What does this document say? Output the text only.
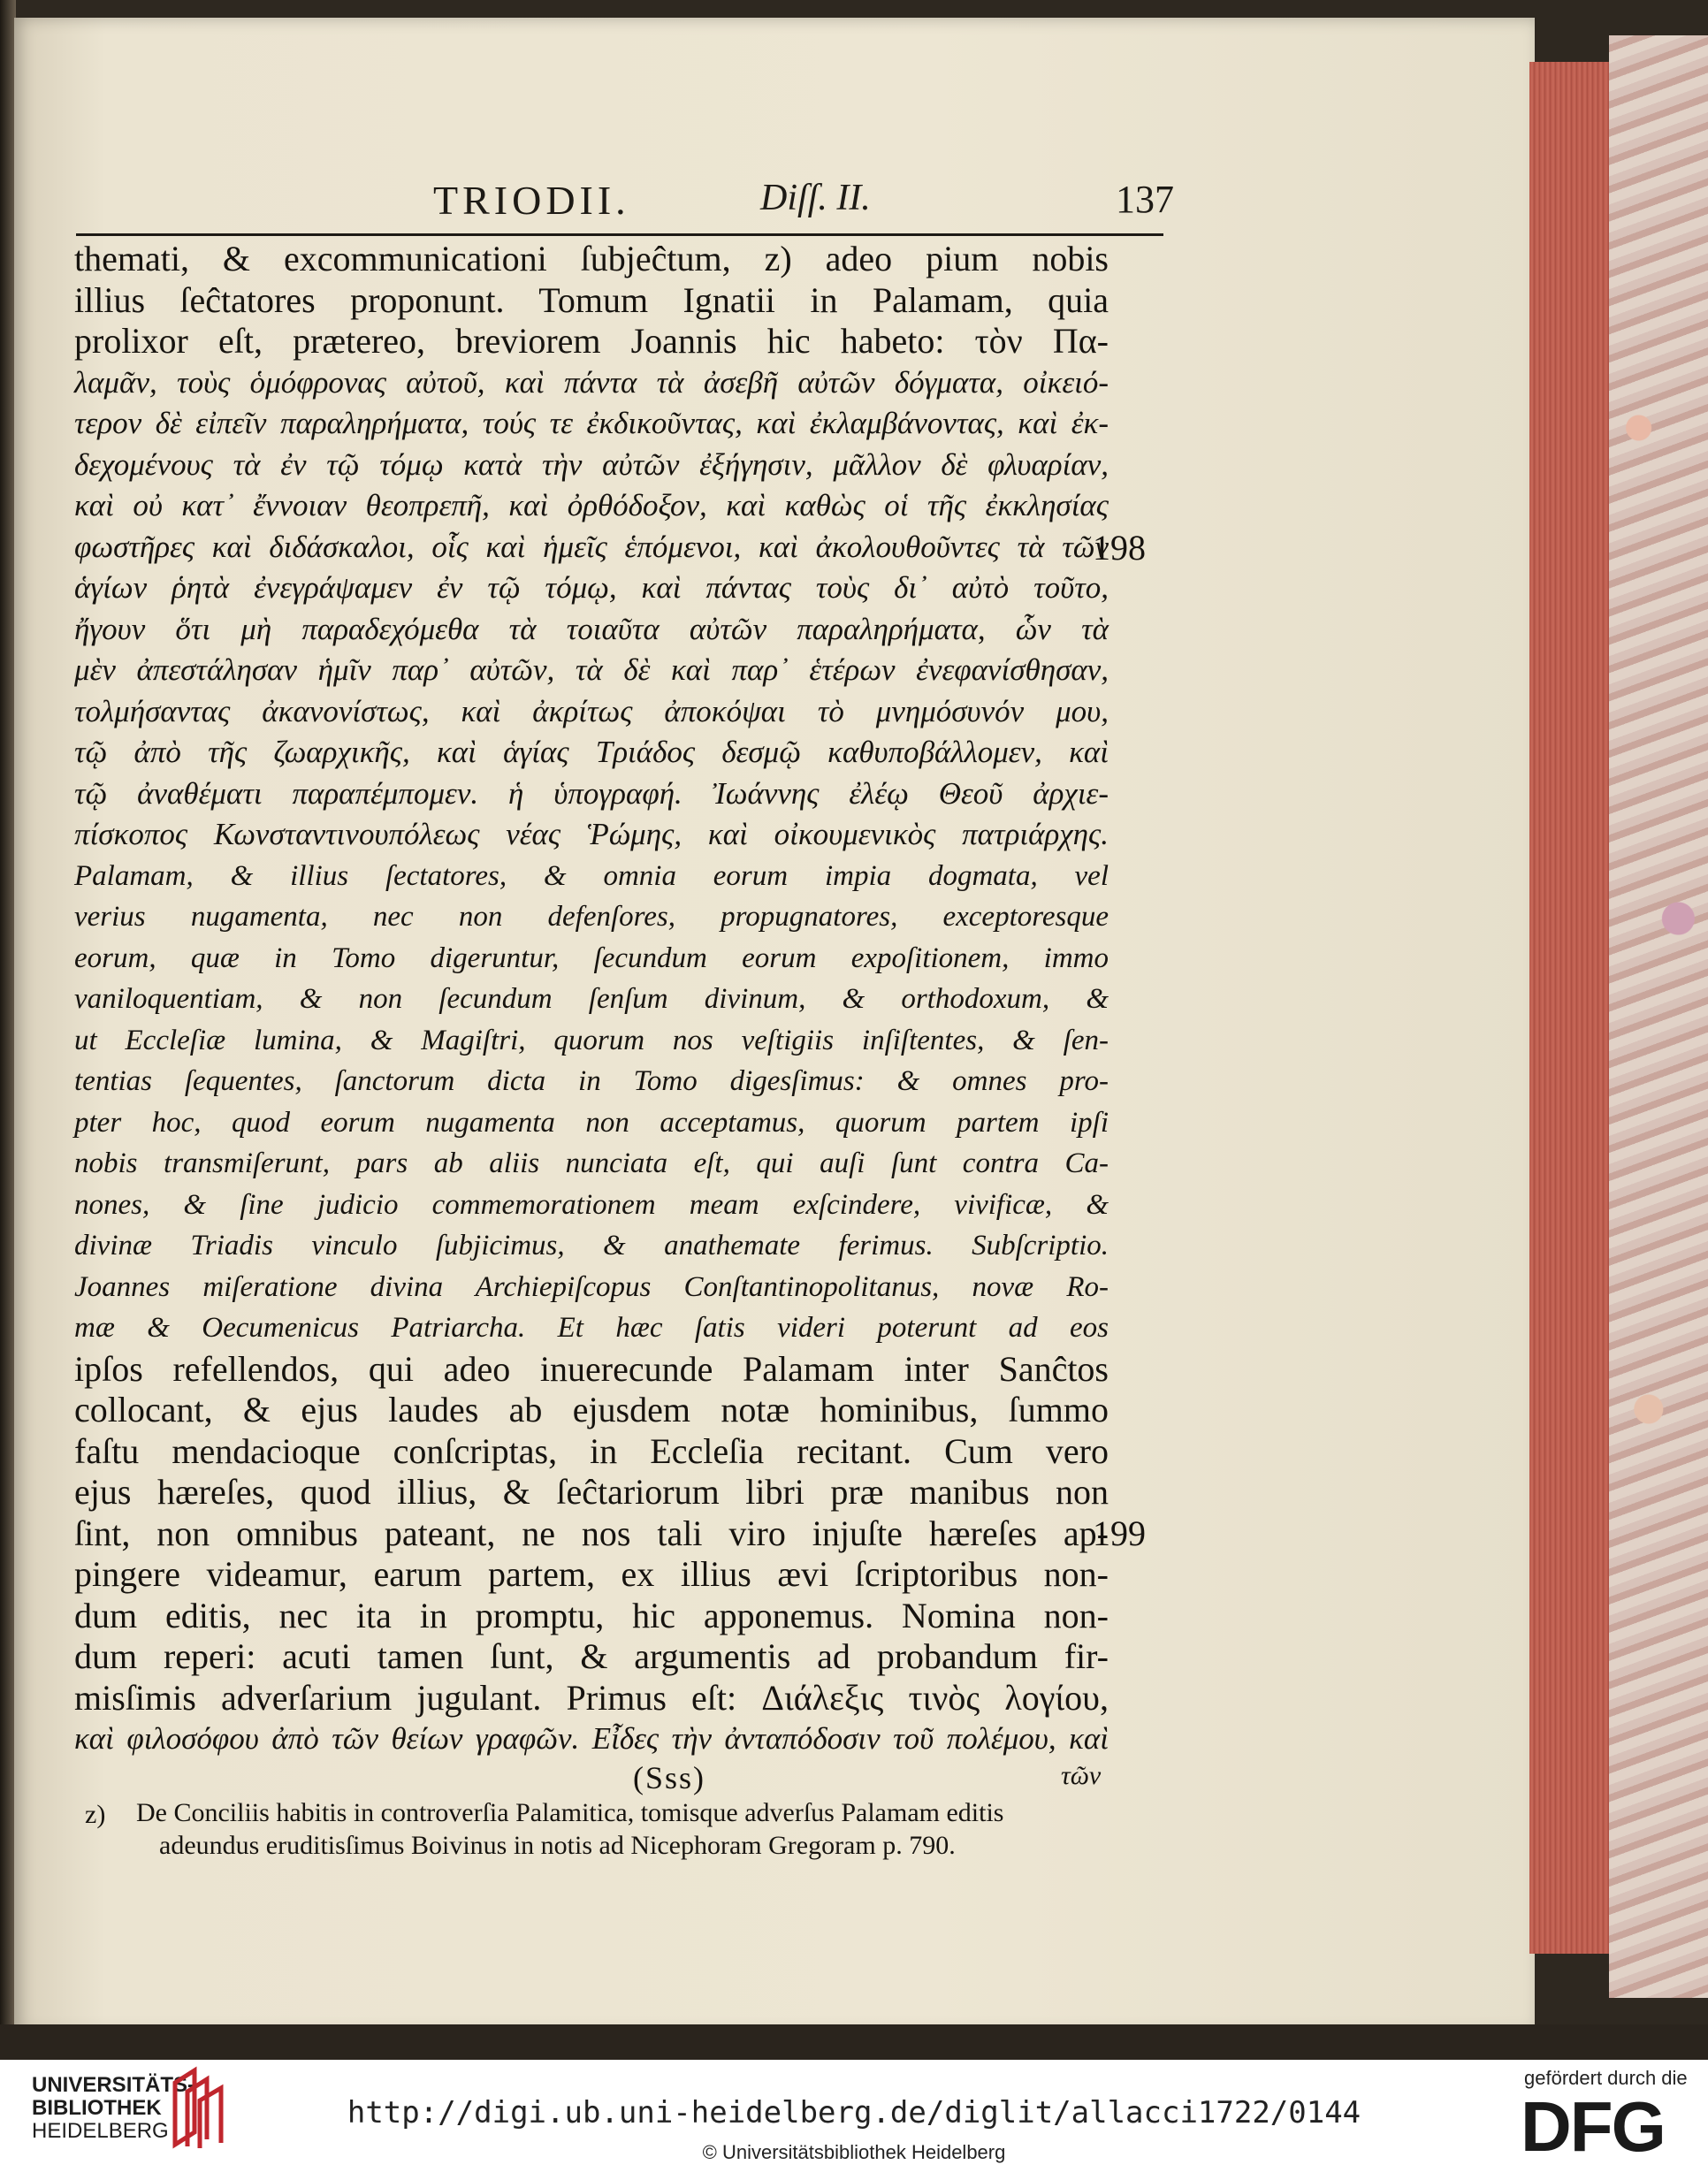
TRIODII.	Diſſ. II.	137
themati, & excommunicationi ſubjeĉtum, z) adeo pium nobis
illius ſeĉtatores proponunt. Tomum Ignatii in Palamam, quia
prolixor eſt, prætereo, breviorem Joannis hic habeto: τὸν Πα-
λαμᾶν, τοὺς ὁμόφρονας αὐτοῦ, καὶ πάντα τὰ ἀσεβῆ αὐτῶν δόγματα, οἰκειό-
τερον δὲ εἰπεῖν παραληρήματα, τούς τε ἐκδικοῦντας, καὶ ἐκλαμβάνοντας, καὶ ἐκ-
δεχομένους τὰ ἐν τῷ τόμῳ κατὰ τὴν αὐτῶν ἐξήγησιν, μᾶλλον δὲ φλυαρίαν,
καὶ οὐ κατ᾽ ἔννοιαν θεοπρεπῆ, καὶ ὀρθόδοξον, καὶ καθὼς οἱ τῆς ἐκκλησίας
φωστῆρες καὶ διδάσκαλοι, οἷς καὶ ἡμεῖς ἑπόμενοι, καὶ ἀκολουθοῦντες τὰ τῶν
ἁγίων ῥητὰ ἐνεγράψαμεν ἐν τῷ τόμῳ, καὶ πάντας τοὺς δι᾽ αὐτὸ τοῦτο,
ἤγουν ὅτι μὴ παραδεχόμεθα τὰ τοιαῦτα αὐτῶν παραληρήματα, ὧν τὰ
μὲν ἀπεστάλησαν ἡμῖν παρ᾽ αὐτῶν, τὰ δὲ καὶ παρ᾽ ἑτέρων ἐνεφανίσθησαν,
τολμήσαντας ἀκανονίστως, καὶ ἀκρίτως ἀποκόψαι τὸ μνημόσυνόν μου,
τῷ ἀπὸ τῆς ζωαρχικῆς, καὶ ἁγίας Τριάδος δεσμῷ καθυποβάλλομεν, καὶ
τῷ ἀναθέματι παραπέμπομεν. ἡ ὑπογραφή. Ἰωάννης ἐλέῳ Θεοῦ ἀρχιε-
πίσκοπος Κωνσταντινουπόλεως νέας Ῥώμης, καὶ οἰκουμενικὸς πατριάρχης.
Palamam, & illius ſectatores, & omnia eorum impia dogmata, vel
verius nugamenta, nec non defenſores, propugnatores, exceptoresque
eorum, quæ in Tomo digeruntur, ſecundum eorum expoſitionem, immo
vaniloquentiam, & non ſecundum ſenſum divinum, & orthodoxum, &
ut Eccleſiæ lumina, & Magiſtri, quorum nos veſtigiis inſiſtentes, & ſen-
tentias ſequentes, ſanctorum dicta in Tomo digesſimus: & omnes pro-
pter hoc, quod eorum nugamenta non acceptamus, quorum partem ipſi
nobis transmiſerunt, pars ab aliis nunciata eſt, qui auſi ſunt contra Ca-
nones, & ſine judicio commemorationem meam exſcindere, vivificæ, &
divinæ Triadis vinculo ſubjicimus, & anathemate ferimus. Subſcriptio.
Joannes miſeratione divina Archiepiſcopus Conſtantinopolitanus, novæ Ro-
mæ & Oecumenicus Patriarcha. Et hæc ſatis videri poterunt ad eos
ipſos refellendos, qui adeo inuerecunde Palamam inter Sanĉtos
collocant, & ejus laudes ab ejusdem notæ hominibus, ſummo
faſtu mendacioque conſcriptas, in Eccleſia recitant. Cum vero
ejus hæreſes, quod illius, & ſeĉtariorum libri præ manibus non
ſint, non omnibus pateant, ne nos tali viro injuſte hæreſes ap-
pingere videamur, earum partem, ex illius ævi ſcriptoribus non-
dum editis, nec ita in promptu, hic apponemus. Nomina non-
dum reperi: acuti tamen ſunt, & argumentis ad probandum fir-
misſimis adverſarium jugulant. Primus eſt: Διάλεξις τινὸς λογίου,
καὶ φιλοσόφου ἀπὸ τῶν θείων γραφῶν. Εἶδες τὴν ἀνταπόδοσιν τοῦ πολέμου, καὶ
198
199
(Sss)	τῶν
z)	De Conciliis habitis in controverſia Palamitica, tomisque adverſus Palamam editis
adeundus eruditisſimus Boivinus in notis ad Nicephoram Gregoram p. 790.
UNIVERSITÄTS-
BIBLIOTHEK
HEIDELBERG
http://digi.ub.uni-heidelberg.de/diglit/allacci1722/0144
© Universitätsbibliothek Heidelberg
gefördert durch die
DFG
